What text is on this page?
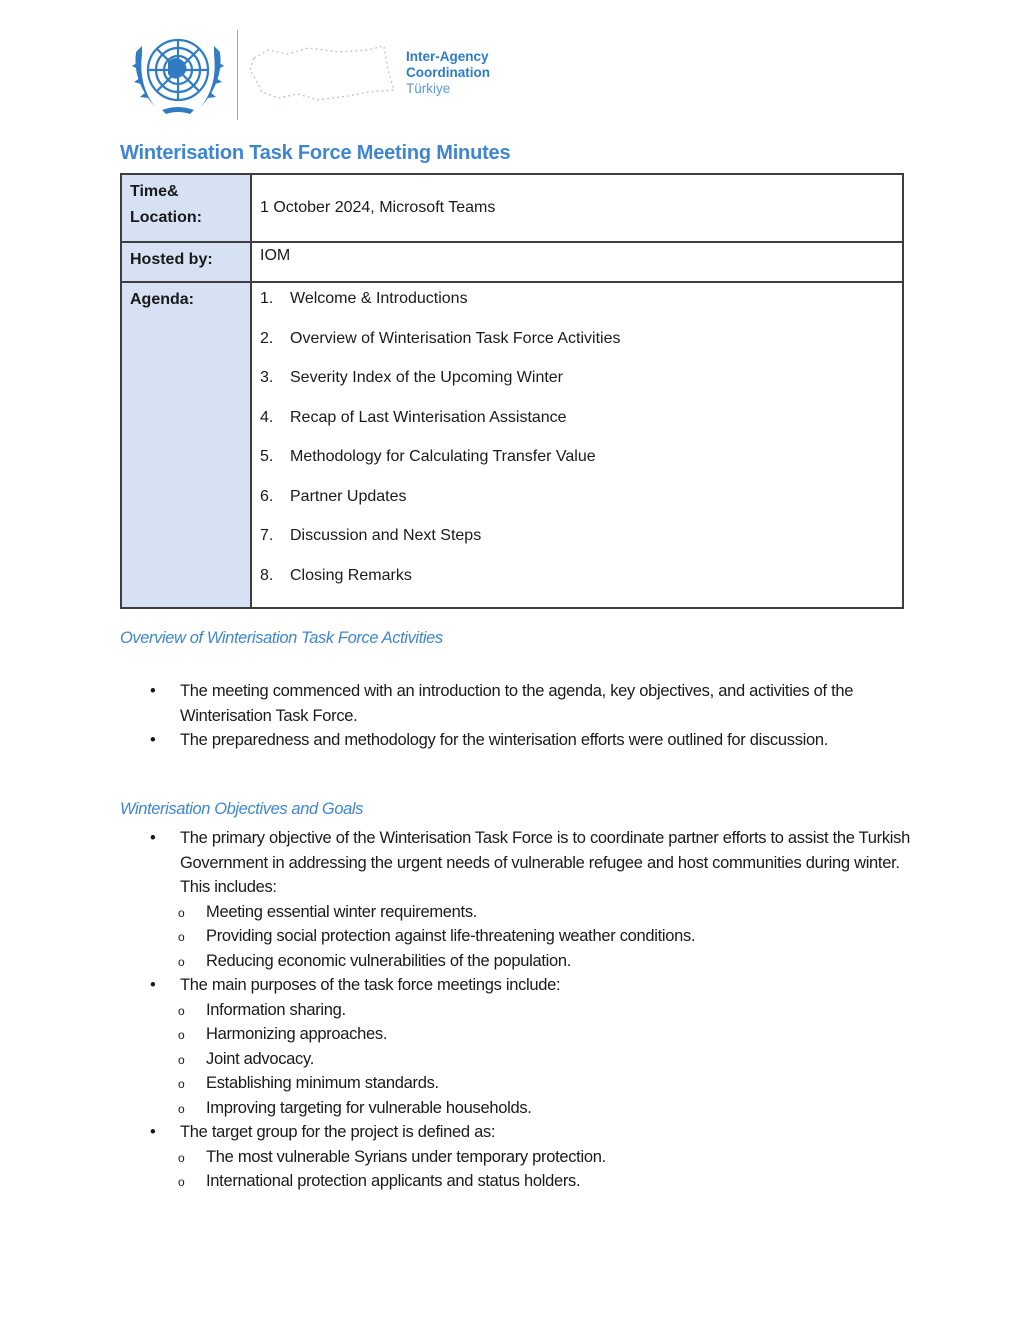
Inter-Agency
Coordination
Türkiye
Winterisation Task Force Meeting Minutes
Time& Location:	1 October 2024, Microsoft Teams
Hosted by:	IOM
Agenda:	1.	Welcome & Introductions
2.	Overview of Winterisation Task Force Activities
3.	Severity Index of the Upcoming Winter
4.	Recap of Last Winterisation Assistance
5.	Methodology for Calculating Transfer Value
6.	Partner Updates
7.	Discussion and Next Steps
8.	Closing Remarks
Overview of Winterisation Task Force Activities
• The meeting commenced with an introduction to the agenda, key objectives, and activities of the Winterisation Task Force.
• The preparedness and methodology for the winterisation efforts were outlined for discussion.
Winterisation Objectives and Goals
• The primary objective of the Winterisation Task Force is to coordinate partner efforts to assist the Turkish Government in addressing the urgent needs of vulnerable refugee and host communities during winter. This includes:
o Meeting essential winter requirements.
o Providing social protection against life-threatening weather conditions.
o Reducing economic vulnerabilities of the population.
• The main purposes of the task force meetings include:
o Information sharing.
o Harmonizing approaches.
o Joint advocacy.
o Establishing minimum standards.
o Improving targeting for vulnerable households.
• The target group for the project is defined as:
o The most vulnerable Syrians under temporary protection.
o International protection applicants and status holders.
